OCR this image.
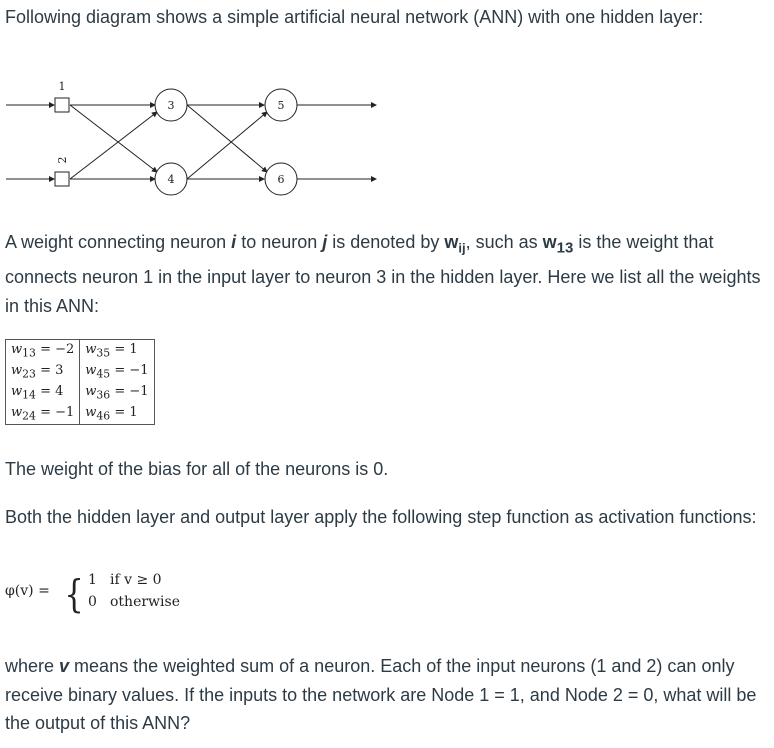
Following diagram shows a simple artificial neural network (ANN) with one hidden layer:

1
2
3
4
5
6

A weight connecting neuron i to neuron j is denoted by $w_{ij}$, such as $w_{13}$ is the weight that connects neuron 1 in the input layer to neuron 3 in the hidden layer. Here we list all the weights in this ANN:

$w_{13} = -2$	$w_{35} = 1$
$w_{23} = 3$	$w_{45} = -1$
$w_{14} = 4$	$w_{36} = -1$
$w_{24} = -1$	$w_{46} = 1$

The weight of the bias for all of the neurons is 0.

Both the hidden layer and output layer apply the following step function as activation functions:

φ(v) = { 1 if v ≥ 0
0 otherwise

where v means the weighted sum of a neuron. Each of the input neurons (1 and 2) can only receive binary values. If the inputs to the network are Node 1 = 1, and Node 2 = 0, what will be the output of this ANN?
